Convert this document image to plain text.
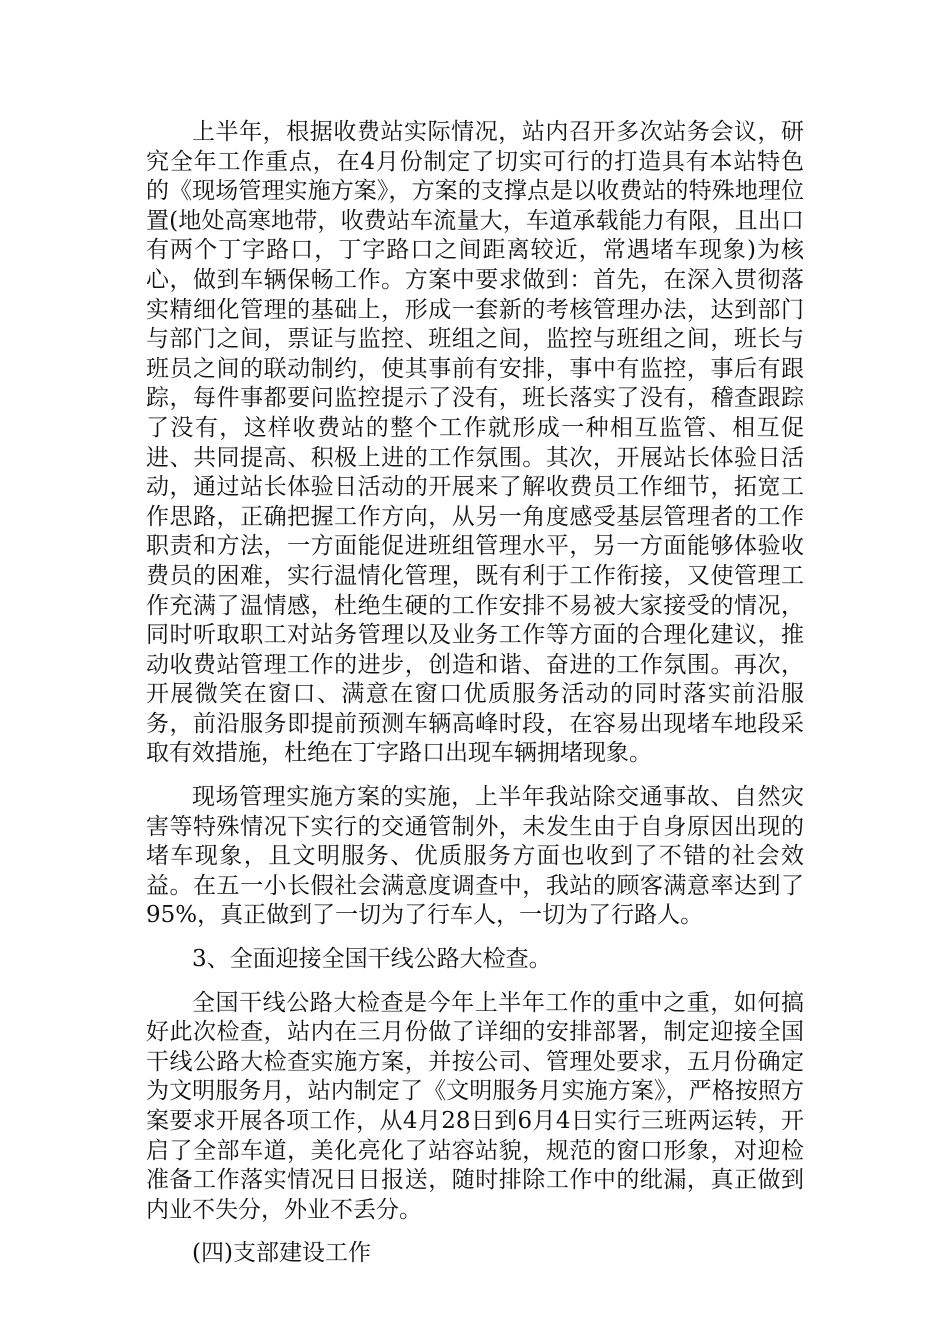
上半年，根据收费站实际情况，站内召开多次站务会议，研究全年工作重点，在4月份制定了切实可行的打造具有本站特色的《现场管理实施方案》，方案的支撑点是以收费站的特殊地理位置(地处高寒地带，收费站车流量大，车道承载能力有限，且出口有两个丁字路口，丁字路口之间距离较近，常遇堵车现象)为核心，做到车辆保畅工作。方案中要求做到：首先，在深入贯彻落实精细化管理的基础上，形成一套新的考核管理办法，达到部门与部门之间，票证与监控、班组之间，监控与班组之间，班长与班员之间的联动制约，使其事前有安排，事中有监控，事后有跟踪，每件事都要问监控提示了没有，班长落实了没有，稽查跟踪了没有，这样收费站的整个工作就形成一种相互监管、相互促进、共同提高、积极上进的工作氛围。其次，开展站长体验日活动，通过站长体验日活动的开展来了解收费员工作细节，拓宽工作思路，正确把握工作方向，从另一角度感受基层管理者的工作职责和方法，一方面能促进班组管理水平，另一方面能够体验收费员的困难，实行温情化管理，既有利于工作衔接，又使管理工作充满了温情感，杜绝生硬的工作安排不易被大家接受的情况，同时听取职工对站务管理以及业务工作等方面的合理化建议，推动收费站管理工作的进步，创造和谐、奋进的工作氛围。再次，开展微笑在窗口、满意在窗口优质服务活动的同时落实前沿服务，前沿服务即提前预测车辆高峰时段，在容易出现堵车地段采取有效措施，杜绝在丁字路口出现车辆拥堵现象。

现场管理实施方案的实施，上半年我站除交通事故、自然灾害等特殊情况下实行的交通管制外，未发生由于自身原因出现的堵车现象，且文明服务、优质服务方面也收到了不错的社会效益。在五一小长假社会满意度调查中，我站的顾客满意率达到了95%，真正做到了一切为了行车人，一切为了行路人。

3、全面迎接全国干线公路大检查。

全国干线公路大检查是今年上半年工作的重中之重，如何搞好此次检查，站内在三月份做了详细的安排部署，制定迎接全国干线公路大检查实施方案，并按公司、管理处要求，五月份确定为文明服务月，站内制定了《文明服务月实施方案》，严格按照方案要求开展各项工作，从4月28日到6月4日实行三班两运转，开启了全部车道，美化亮化了站容站貌，规范的窗口形象，对迎检准备工作落实情况日日报送，随时排除工作中的纰漏，真正做到内业不失分，外业不丢分。

(四)支部建设工作
